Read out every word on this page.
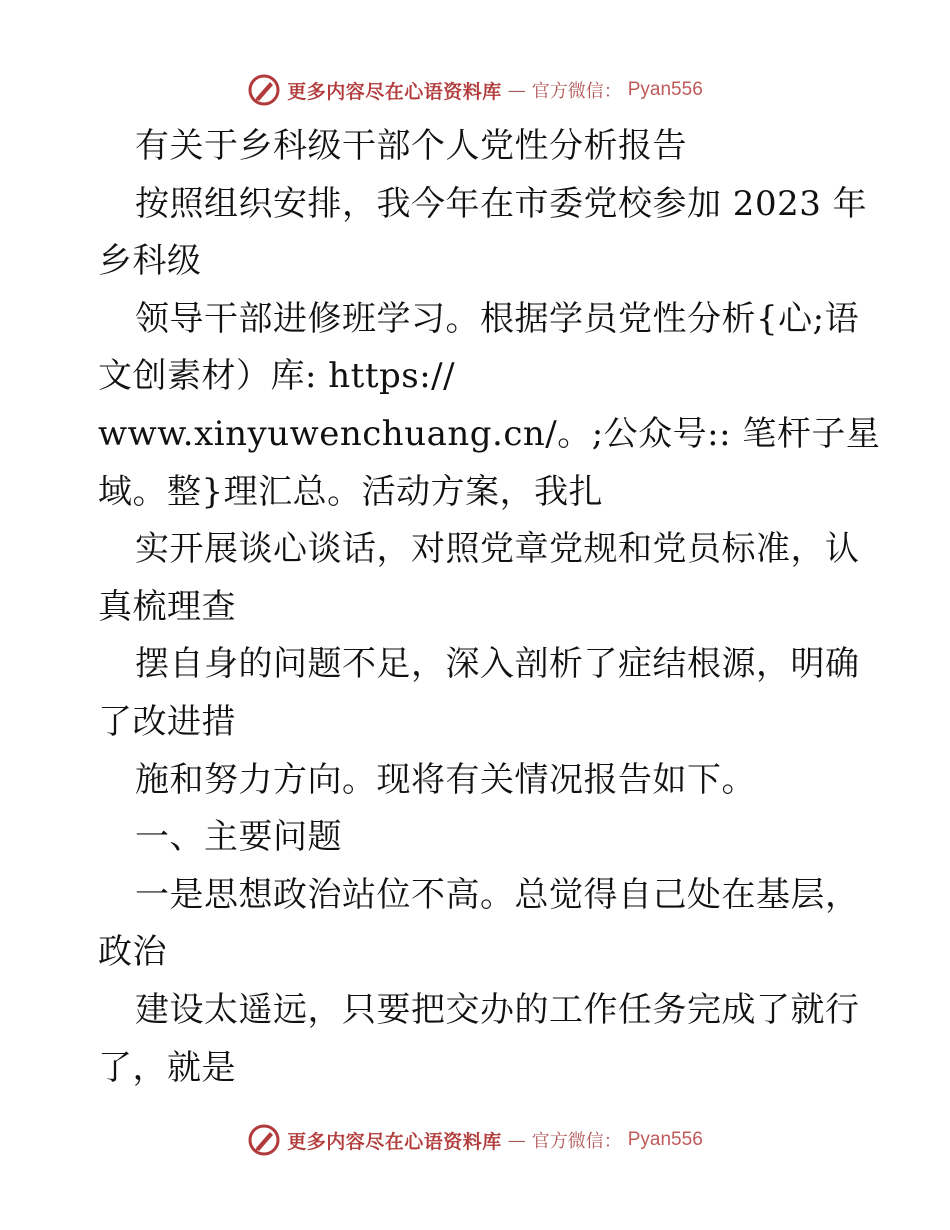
更多内容尽在心语资料库 — 官方微信： Pyan556
有关于乡科级干部个人党性分析报告
按照组织安排，我今年在市委党校参加 2023 年
乡科级
领导干部进修班学习。根据学员党性分析{心;语
文创素材）库: https://
www.xinyuwenchuang.cn/。;公众号:: 笔杆子星
域。整}理汇总。活动方案，我扎
实开展谈心谈话，对照党章党规和党员标准，认
真梳理查
摆自身的问题不足，深入剖析了症结根源，明确
了改进措
施和努力方向。现将有关情况报告如下。
一、主要问题
一是思想政治站位不高。总觉得自己处在基层，
政治
建设太遥远，只要把交办的工作任务完成了就行
了，就是
更多内容尽在心语资料库 — 官方微信： Pyan556
